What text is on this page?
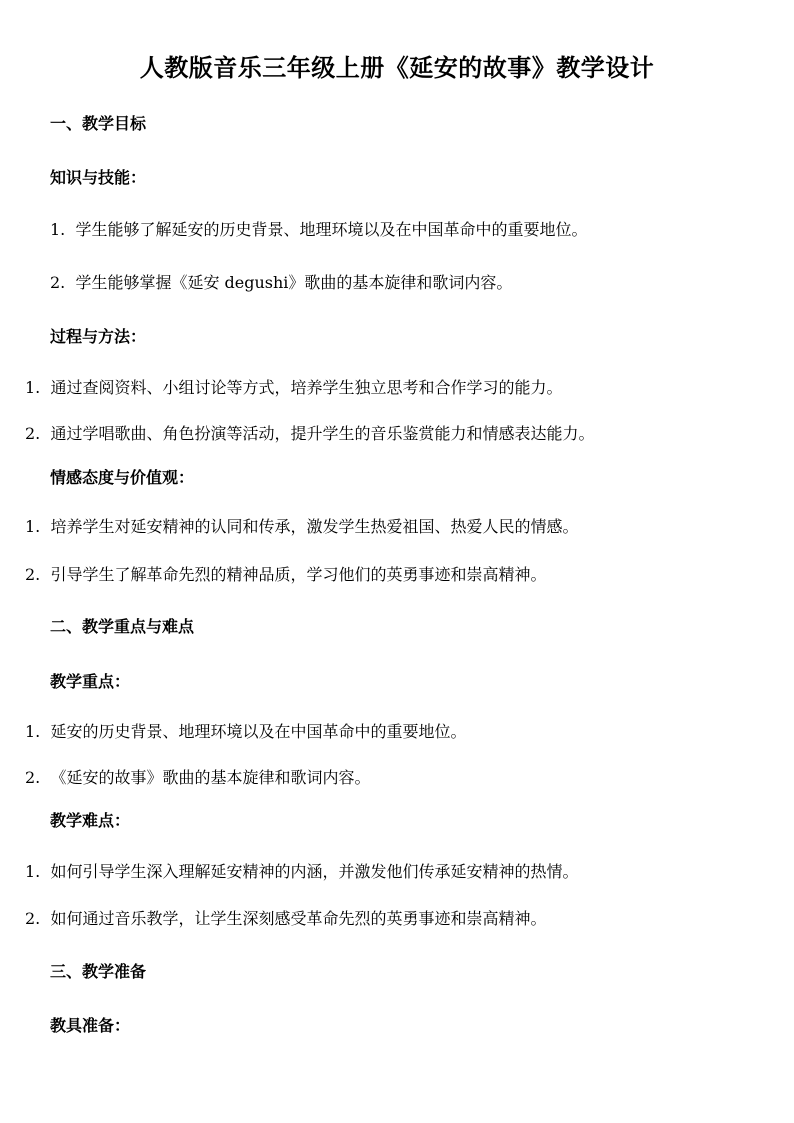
人教版音乐三年级上册《延安的故事》教学设计
一、教学目标
知识与技能：

1. 学生能够了解延安的历史背景、地理环境以及在中国革命中的重要地位。

2. 学生能够掌握《延安 degushi》歌曲的基本旋律和歌词内容。

过程与方法：

1. 通过查阅资料、小组讨论等方式，培养学生独立思考和合作学习的能力。

2. 通过学唱歌曲、角色扮演等活动，提升学生的音乐鉴赏能力和情感表达能力。

情感态度与价值观：

1. 培养学生对延安精神的认同和传承，激发学生热爱祖国、热爱人民的情感。

2. 引导学生了解革命先烈的精神品质，学习他们的英勇事迹和崇高精神。

二、教学重点与难点
教学重点：

1. 延安的历史背景、地理环境以及在中国革命中的重要地位。

2. 《延安的故事》歌曲的基本旋律和歌词内容。

教学难点：

1. 如何引导学生深入理解延安精神的内涵，并激发他们传承延安精神的热情。

2. 如何通过音乐教学，让学生深刻感受革命先烈的英勇事迹和崇高精神。

三、教学准备
教具准备：
